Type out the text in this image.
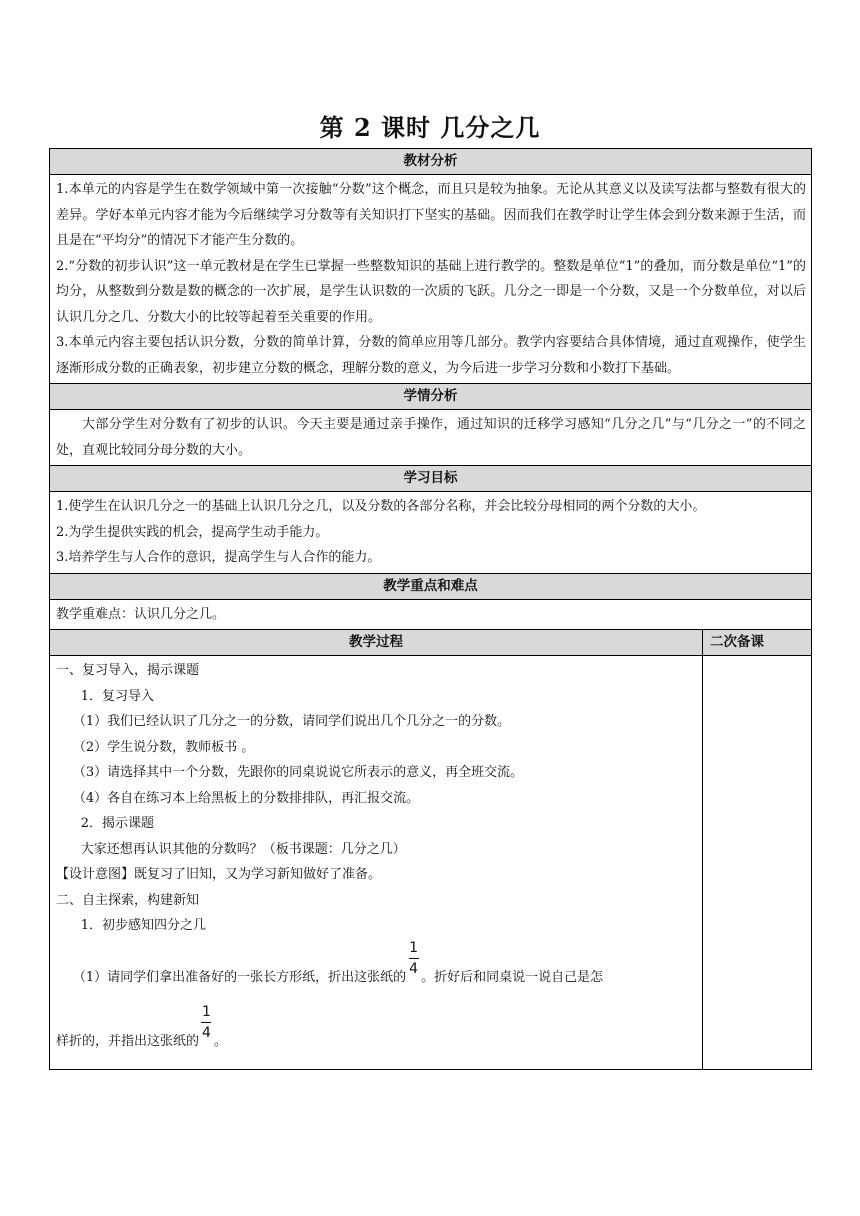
第 2 课时 几分之几
教材分析

1.本单元的内容是学生在数学领域中第一次接触“分数”这个概念，而且只是较为抽象。无论从其意义以及读写法都与整数有很大的差异。学好本单元内容才能为今后继续学习分数等有关知识打下坚实的基础。因而我们在教学时让学生体会到分数来源于生活，而且是在“平均分”的情况下才能产生分数的。

2.“分数的初步认识”这一单元教材是在学生已掌握一些整数知识的基础上进行教学的。整数是单位“1”的叠加，而分数是单位“1”的均分，从整数到分数是数的概念的一次扩展，是学生认识数的一次质的飞跃。几分之一即是一个分数，又是一个分数单位，对以后认识几分之几、分数大小的比较等起着至关重要的作用。

3.本单元内容主要包括认识分数，分数的简单计算，分数的简单应用等几部分。教学内容要结合具体情境，通过直观操作，使学生逐渐形成分数的正确表象，初步建立分数的概念，理解分数的意义，为今后进一步学习分数和小数打下基础。

学情分析

大部分学生对分数有了初步的认识。今天主要是通过亲手操作，通过知识的迁移学习感知“几分之几”与“几分之一”的不同之处，直观比较同分母分数的大小。

学习目标

1.使学生在认识几分之一的基础上认识几分之几，以及分数的各部分名称，并会比较分母相同的两个分数的大小。

2.为学生提供实践的机会，提高学生动手能力。

3.培养学生与人合作的意识，提高学生与人合作的能力。

教学重点和难点

教学重难点：认识几分之几。

教学过程	二次备课

一、复习导入，揭示课题

1．复习导入

（1）我们已经认识了几分之一的分数，请同学们说出几个几分之一的分数。

（2）学生说分数，教师板书 。

（3）请选择其中一个分数，先跟你的同桌说说它所表示的意义，再全班交流。

（4）各自在练习本上给黑板上的分数排排队，再汇报交流。

2．揭示课题

大家还想再认识其他的分数吗？（板书课题：几分之几）

【设计意图】既复习了旧知，又为学习新知做好了准备。

二、自主探索，构建新知

1．初步感知四分之几

（1）请同学们拿出准备好的一张长方形纸，折出这张纸的
$\frac{1}{4}$
。折好后和同桌说一说自己是怎
样折的，并指出这张纸的
$\frac{1}{4}$
。
